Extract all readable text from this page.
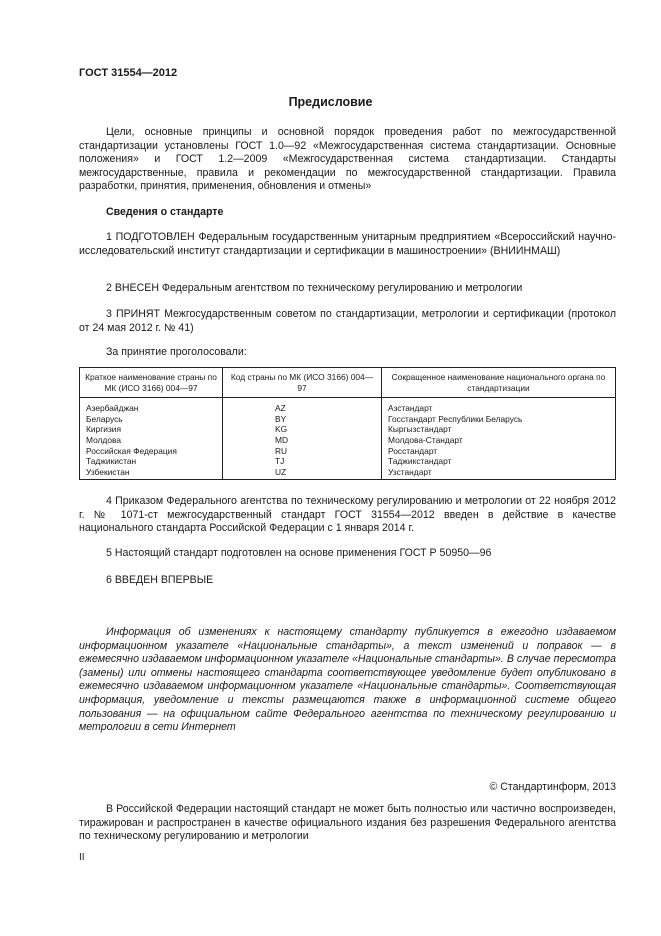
ГОСТ 31554—2012
Предисловие
Цели, основные принципы и основной порядок проведения работ по межгосударственной стандартизации установлены ГОСТ 1.0—92 «Межгосударственная система стандартизации. Основные положения» и ГОСТ 1.2—2009 «Межгосударственная система стандартизации. Стандарты межгосударственные, правила и рекомендации по межгосударственной стандартизации. Правила разработки, принятия, применения, обновления и отмены»
Сведения о стандарте
1 ПОДГОТОВЛЕН Федеральным государственным унитарным предприятием «Всероссийский научно-исследовательский институт стандартизации и сертификации в машиностроении» (ВНИИНМАШ)
2 ВНЕСЕН Федеральным агентством по техническому регулированию и метрологии
3 ПРИНЯТ Межгосударственным советом по стандартизации, метрологии и сертификации (протокол от 24 мая 2012 г. № 41)
За принятие проголосовали:
Краткое наименование страны по МК (ИСО 3166) 004—97	Код страны по МК (ИСО 3166) 004—97	Сокращенное наименование национального органа по стандартизации
Азербайджан	AZ	Азстандарт
Беларусь	BY	Госстандарт Республики Беларусь
Киргизия	KG	Кыргызстандарт
Молдова	MD	Молдова-Стандарт
Российская Федерация	RU	Росстандарт
Таджикистан	TJ	Таджикстандарт
Узбекистан	UZ	Узстандарт
4 Приказом Федерального агентства по техническому регулированию и метрологии от 22 ноября 2012 г. № 1071-ст межгосударственный стандарт ГОСТ 31554—2012 введен в действие в качестве национального стандарта Российской Федерации с 1 января 2014 г.
5 Настоящий стандарт подготовлен на основе применения ГОСТ Р 50950—96
6 ВВЕДЕН ВПЕРВЫЕ
Информация об изменениях к настоящему стандарту публикуется в ежегодно издаваемом информационном указателе «Национальные стандарты», а текст изменений и поправок — в ежемесячно издаваемом информационном указателе «Национальные стандарты». В случае пересмотра (замены) или отмены настоящего стандарта соответствующее уведомление будет опубликовано в ежемесячно издаваемом информационном указателе «Национальные стандарты». Соответствующая информация, уведомление и тексты размещаются также в информационной системе общего пользования — на официальном сайте Федерального агентства по техническому регулированию и метрологии в сети Интернет
© Стандартинформ, 2013
В Российской Федерации настоящий стандарт не может быть полностью или частично воспроизведен, тиражирован и распространен в качестве официального издания без разрешения Федерального агентства по техническому регулированию и метрологии
II
